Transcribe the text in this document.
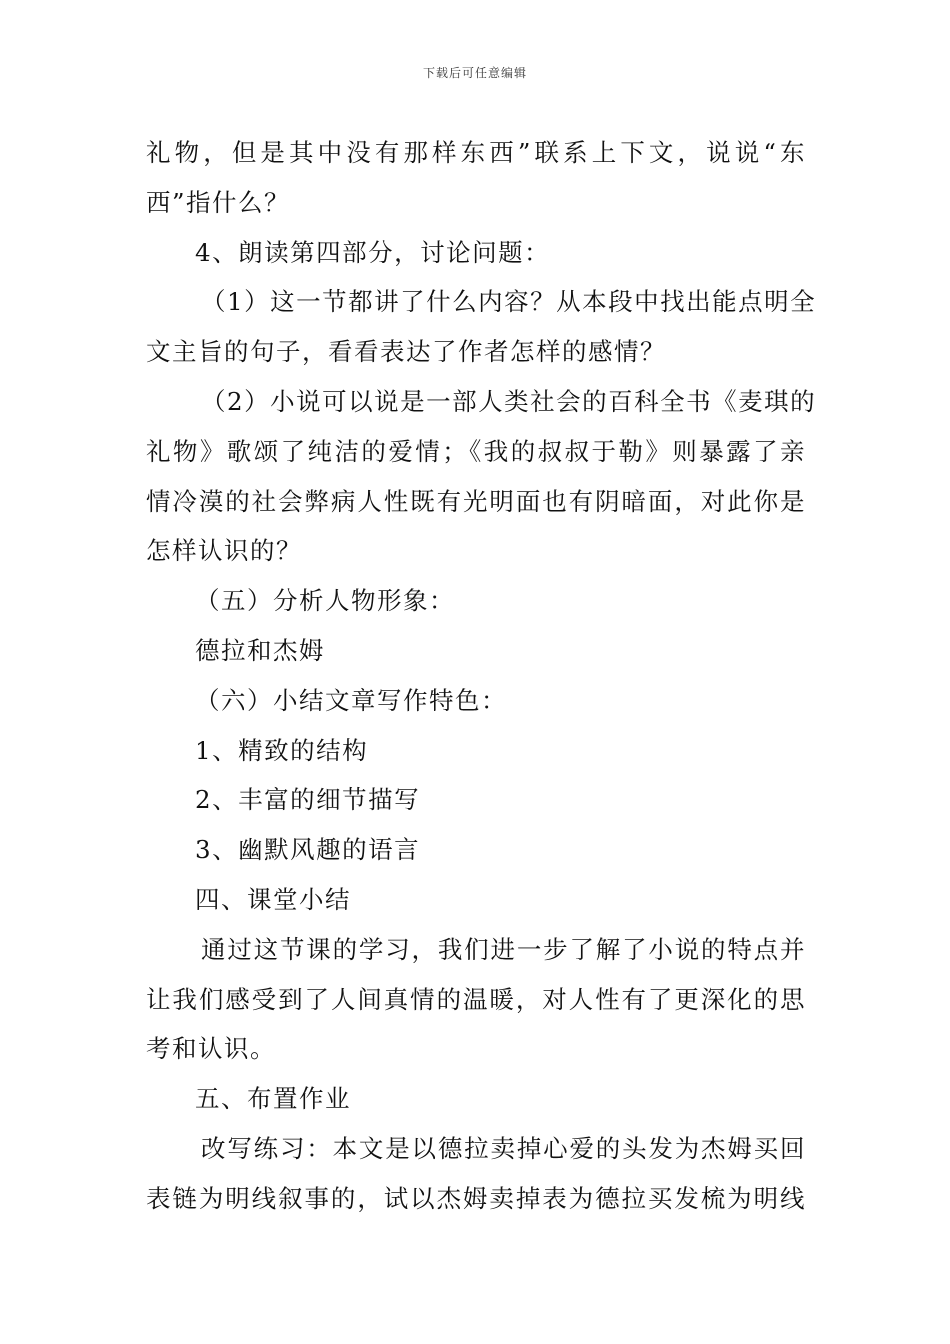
下载后可任意编辑

礼物，但是其中没有那样东西”联系上下文，说说“东

西”指什么？

4、朗读第四部分，讨论问题：

（1）这一节都讲了什么内容？从本段中找出能点明全

文主旨的句子，看看表达了作者怎样的感情？

（2）小说可以说是一部人类社会的百科全书《麦琪的

礼物》歌颂了纯洁的爱情；《我的叔叔于勒》则暴露了亲

情冷漠的社会弊病人性既有光明面也有阴暗面，对此你是

怎样认识的？

（五）分析人物形象：

德拉和杰姆

（六）小结文章写作特色：

1、精致的结构

2、丰富的细节描写

3、幽默风趣的语言

四、课堂小结

通过这节课的学习，我们进一步了解了小说的特点并

让我们感受到了人间真情的温暖，对人性有了更深化的思

考和认识。

五、布置作业

改写练习：本文是以德拉卖掉心爱的头发为杰姆买回

表链为明线叙事的，试以杰姆卖掉表为德拉买发梳为明线
